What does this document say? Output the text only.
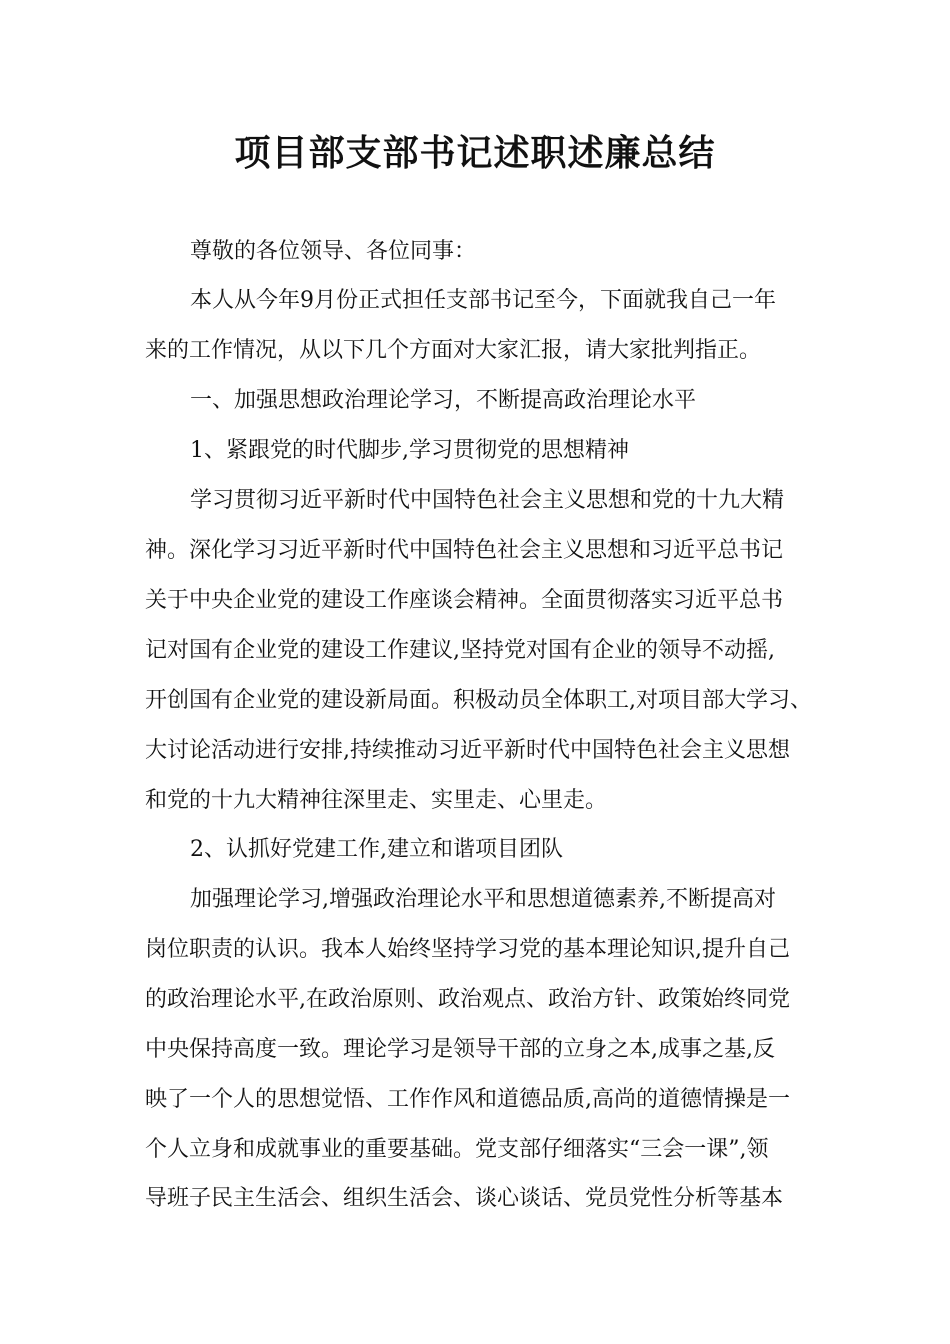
项目部支部书记述职述廉总结

尊敬的各位领导、各位同事：

本人从今年9月份正式担任支部书记至今，下面就我自己一年

来的工作情况，从以下几个方面对大家汇报，请大家批判指正。

一、加强思想政治理论学习，不断提高政治理论水平

1、紧跟党的时代脚步,学习贯彻党的思想精神

学习贯彻习近平新时代中国特色社会主义思想和党的十九大精

神。深化学习习近平新时代中国特色社会主义思想和习近平总书记

关于中央企业党的建设工作座谈会精神。全面贯彻落实习近平总书

记对国有企业党的建设工作建议,坚持党对国有企业的领导不动摇,

开创国有企业党的建设新局面。积极动员全体职工,对项目部大学习、

大讨论活动进行安排,持续推动习近平新时代中国特色社会主义思想

和党的十九大精神往深里走、实里走、心里走。

2、认抓好党建工作,建立和谐项目团队

加强理论学习,增强政治理论水平和思想道德素养,不断提高对

岗位职责的认识。我本人始终坚持学习党的基本理论知识,提升自己

的政治理论水平,在政治原则、政治观点、政治方针、政策始终同党

中央保持高度一致。理论学习是领导干部的立身之本,成事之基,反

映了一个人的思想觉悟、工作作风和道德品质,高尚的道德情操是一

个人立身和成就事业的重要基础。党支部仔细落实“三会一课”,领

导班子民主生活会、组织生活会、谈心谈话、党员党性分析等基本
